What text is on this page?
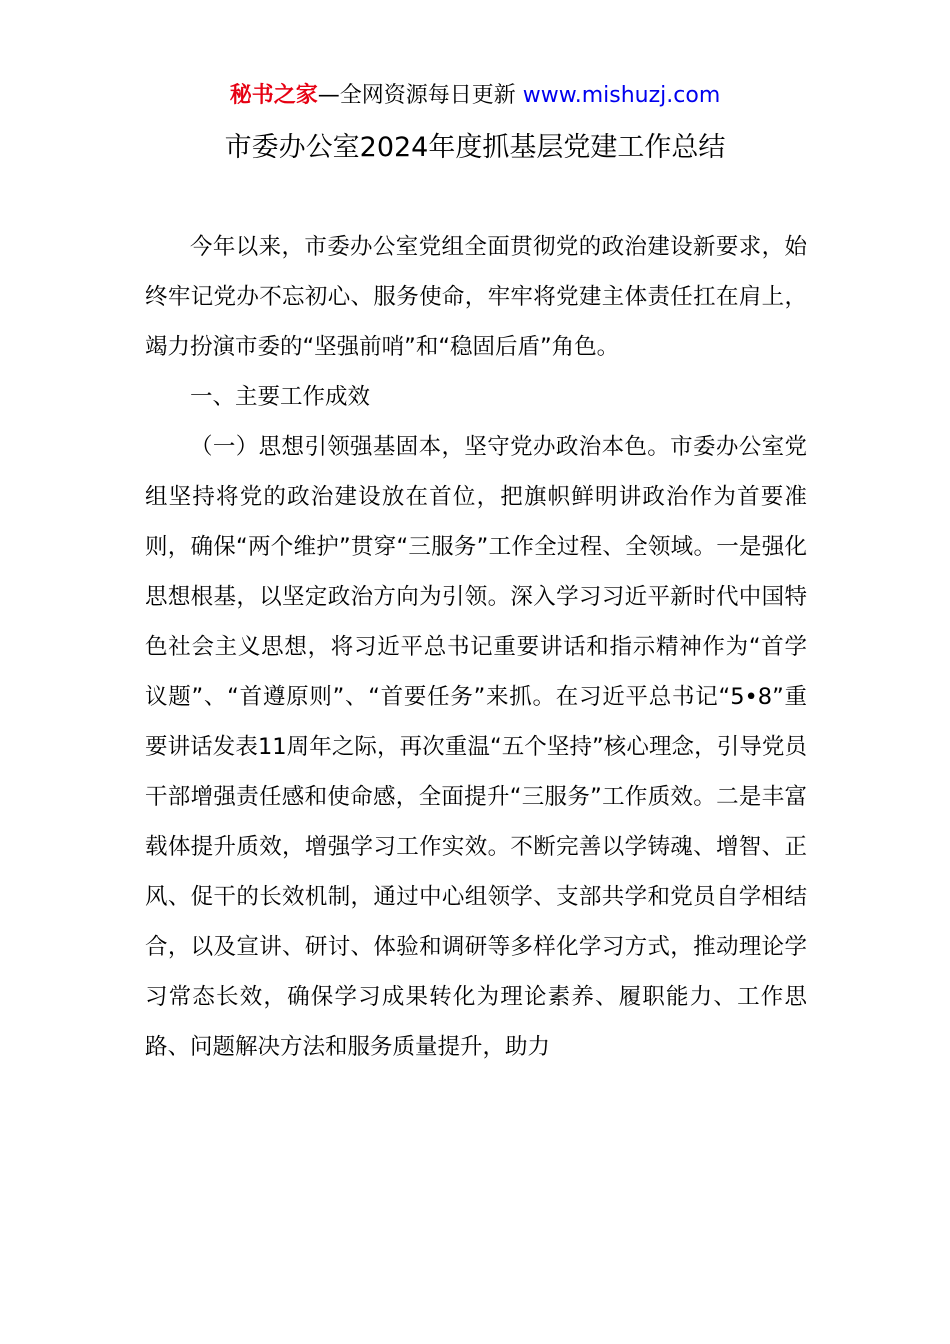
秘书之家—全网资源每日更新 www.mishuzj.com
市委办公室2024年度抓基层党建工作总结

今年以来，市委办公室党组全面贯彻党的政治建设新要求，始终牢记党办不忘初心、服务使命，牢牢将党建主体责任扛在肩上，竭力扮演市委的“坚强前哨”和“稳固后盾”角色。

一、主要工作成效

（一）思想引领强基固本，坚守党办政治本色。市委办公室党组坚持将党的政治建设放在首位，把旗帜鲜明讲政治作为首要准则，确保“两个维护”贯穿“三服务”工作全过程、全领域。一是强化思想根基，以坚定政治方向为引领。深入学习习近平新时代中国特色社会主义思想，将习近平总书记重要讲话和指示精神作为“首学议题”、“首遵原则”、“首要任务”来抓。在习近平总书记“5•8”重要讲话发表11周年之际，再次重温“五个坚持”核心理念，引导党员干部增强责任感和使命感，全面提升“三服务”工作质效。二是丰富载体提升质效，增强学习工作实效。不断完善以学铸魂、增智、正风、促干的长效机制，通过中心组领学、支部共学和党员自学相结合，以及宣讲、研讨、体验和调研等多样化学习方式，推动理论学习常态长效，确保学习成果转化为理论素养、履职能力、工作思路、问题解决方法和服务质量提升，助力
